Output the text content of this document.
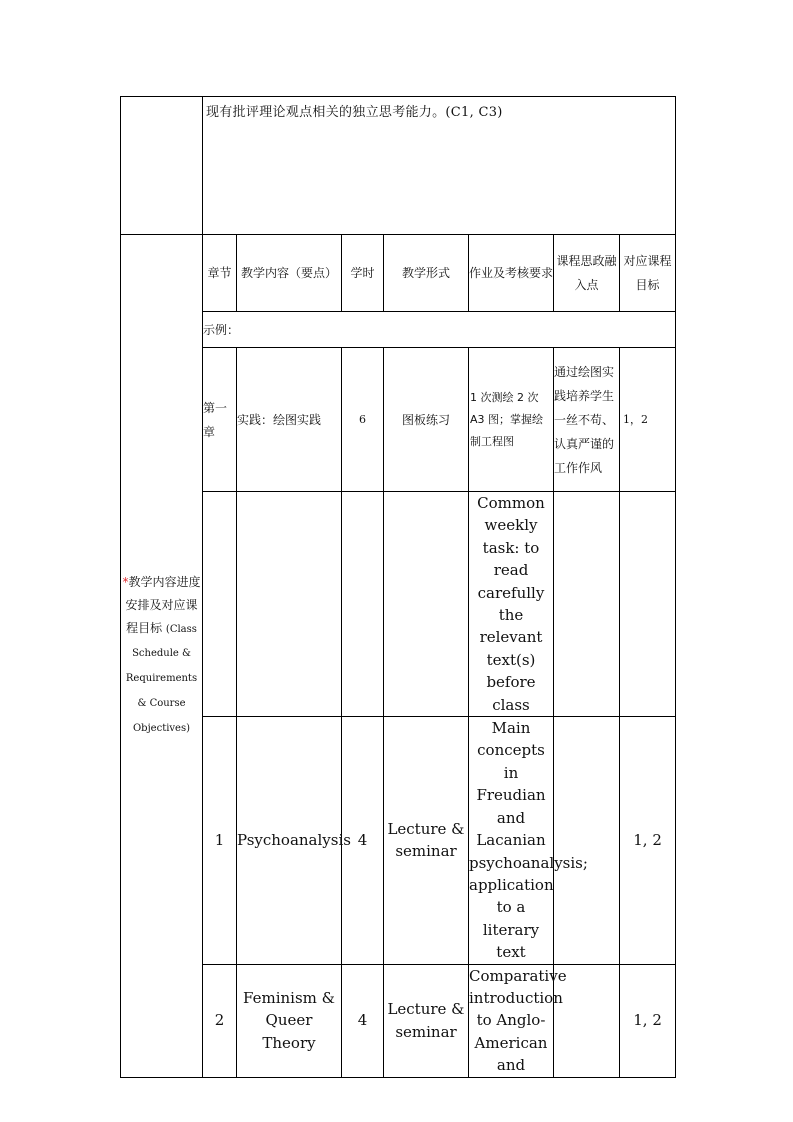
	现有批评理论观点相关的独立思考能力。(C1, C3)						
*教学内容进度安排及对应课程目标 (Class Schedule & Requirements & Course Objectives)	章节	教学内容（要点）	学时	教学形式	作业及考核要求	课程思政融入点	对应课程目标
	示例：						
	第一章	实践：绘图实践	6	图板练习	1 次测绘 2 次 A3 图；掌握绘制工程图	通过绘图实践培养学生一丝不苟、认真严谨的工作作风	1，2
					Common weekly task: to read carefully the relevant text(s) before class		
	1	Psychoanalysis	4	Lecture & seminar	Main concepts in Freudian and Lacanian psychoanalysis; application to a literary text		1, 2
	2	Feminism & Queer Theory	4	Lecture & seminar	Comparative introduction to Anglo-American and		1, 2
